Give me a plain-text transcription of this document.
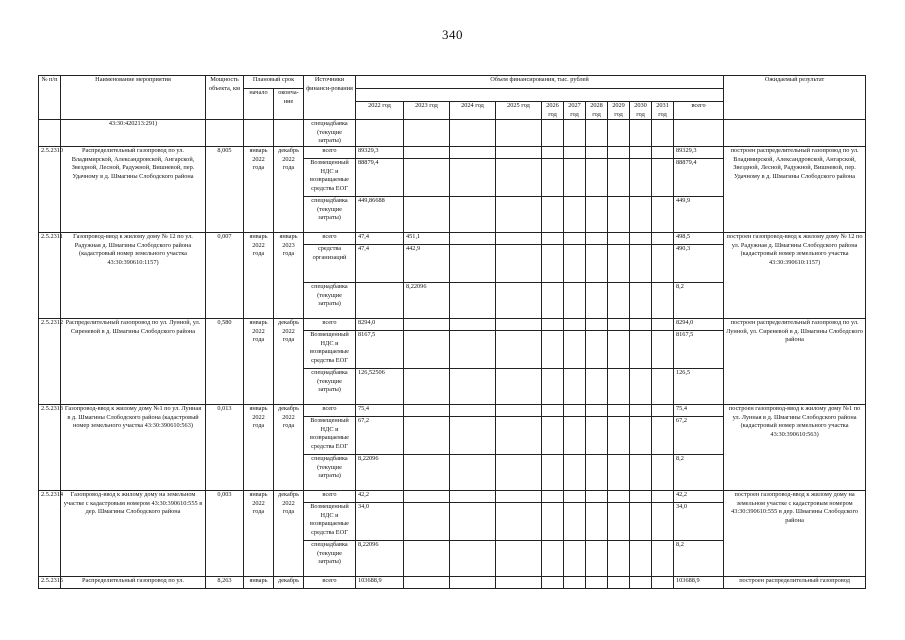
340
№ п/п	Наименование мероприятия	Мощность объекта, км	Плановый срок		Источники финанси-рования	Объем финансирования, тыс. рублей											Ожидаемый результат
			начало	оконча-ние													
						2022 год	2023 год	2024 год	2025 год	2026 год	2027 год	2028 год	2029 год	2030 год	2031 год	всего	
	43:30:420213:291)				спецнадбавка (текущие затраты)												
2.5.2310	Распределительный газопровод по ул. Владимирской, Александровской, Ангарской, Звездной, Лесной, Радужной, Вишневой, пер. Удачному в д. Шмагины Слободского района	8,005	январь 2022 года	декабрь 2022 года	всего	89329,3										89329,3	построен распределительный газопровод по ул. Владимирской, Александровской, Ангарской, Звездной, Лесной, Радужной, Вишневой, пер. Удачному в д. Шмагины Слободского района
					Возмещенный НДС и возвращаемые средства ЕОГ	88879,4										88879,4	
					спецнадбавка (текущие затраты)	449,86688										449,9	
2.5.2311	Газопровод-ввод к жилому дому № 12 по ул. Радужная д. Шмагины Слободского района (кадастровый номер земельного участка 43:30:390610:1157)	0,007	январь 2022 года	январь 2023 года	всего	47,4	451,1									498,5	построен газопровод-ввод к жилому дому № 12 по ул. Радужная д. Шмагины Слободского района (кадастровый номер земельного участка 43:30:390610:1157)
					средства организаций	47,4	442,9									490,3	
					спецнадбавка (текущие затраты)		8,22096									8,2	
2.5.2312	Распределительный газопровод по ул. Лунной, ул. Сиреневой в д. Шмагины Слободского района	0,580	январь 2022 года	декабрь 2022 года	всего	8294,0										8294,0	построен распределительный газопровод по ул. Лунной, ул. Сиреневой в д. Шмагины Слободского района
					Возмещенный НДС и возвращаемые средства ЕОГ	8167,5										8167,5	
					спецнадбавка (текущие затраты)	126,52506										126,5	
2.5.2313	Газопровод-ввод к жилому дому №1 по ул. Лунная в д. Шмагины Слободского района (кадастровый номер земельного участка 43:30:390610:563)	0,013	январь 2022 года	декабрь 2022 года	всего	75,4										75,4	построен газопровод-ввод к жилому дому №1 по ул. Лунная в д. Шмагины Слободского района (кадастровый номер земельного участка 43:30:390610:563)
					Возмещенный НДС и возвращаемые средства ЕОГ	67,2										67,2	
					спецнадбавка (текущие затраты)	8,22096										8,2	
2.5.2314	Газопровод-ввод к жилому дому на земельном участке с кадастровым номером 43:30:390610:555 в дер. Шмагины Слободского района	0,003	январь 2022 года	декабрь 2022 года	всего	42,2										42,2	построен газопровод-ввод к жилому дому на земельном участке с кадастровым номером 43:30:390610:555 в дер. Шмагины Слободского района
					Возмещенный НДС и возвращаемые средства ЕОГ	34,0										34,0	
					спецнадбавка (текущие затраты)	8,22096										8,2	
2.5.2315	Распределительный газопровод по ул.	8,263	январь	декабрь	всего	103688,9										103688,9	построен распределительный газопровод
